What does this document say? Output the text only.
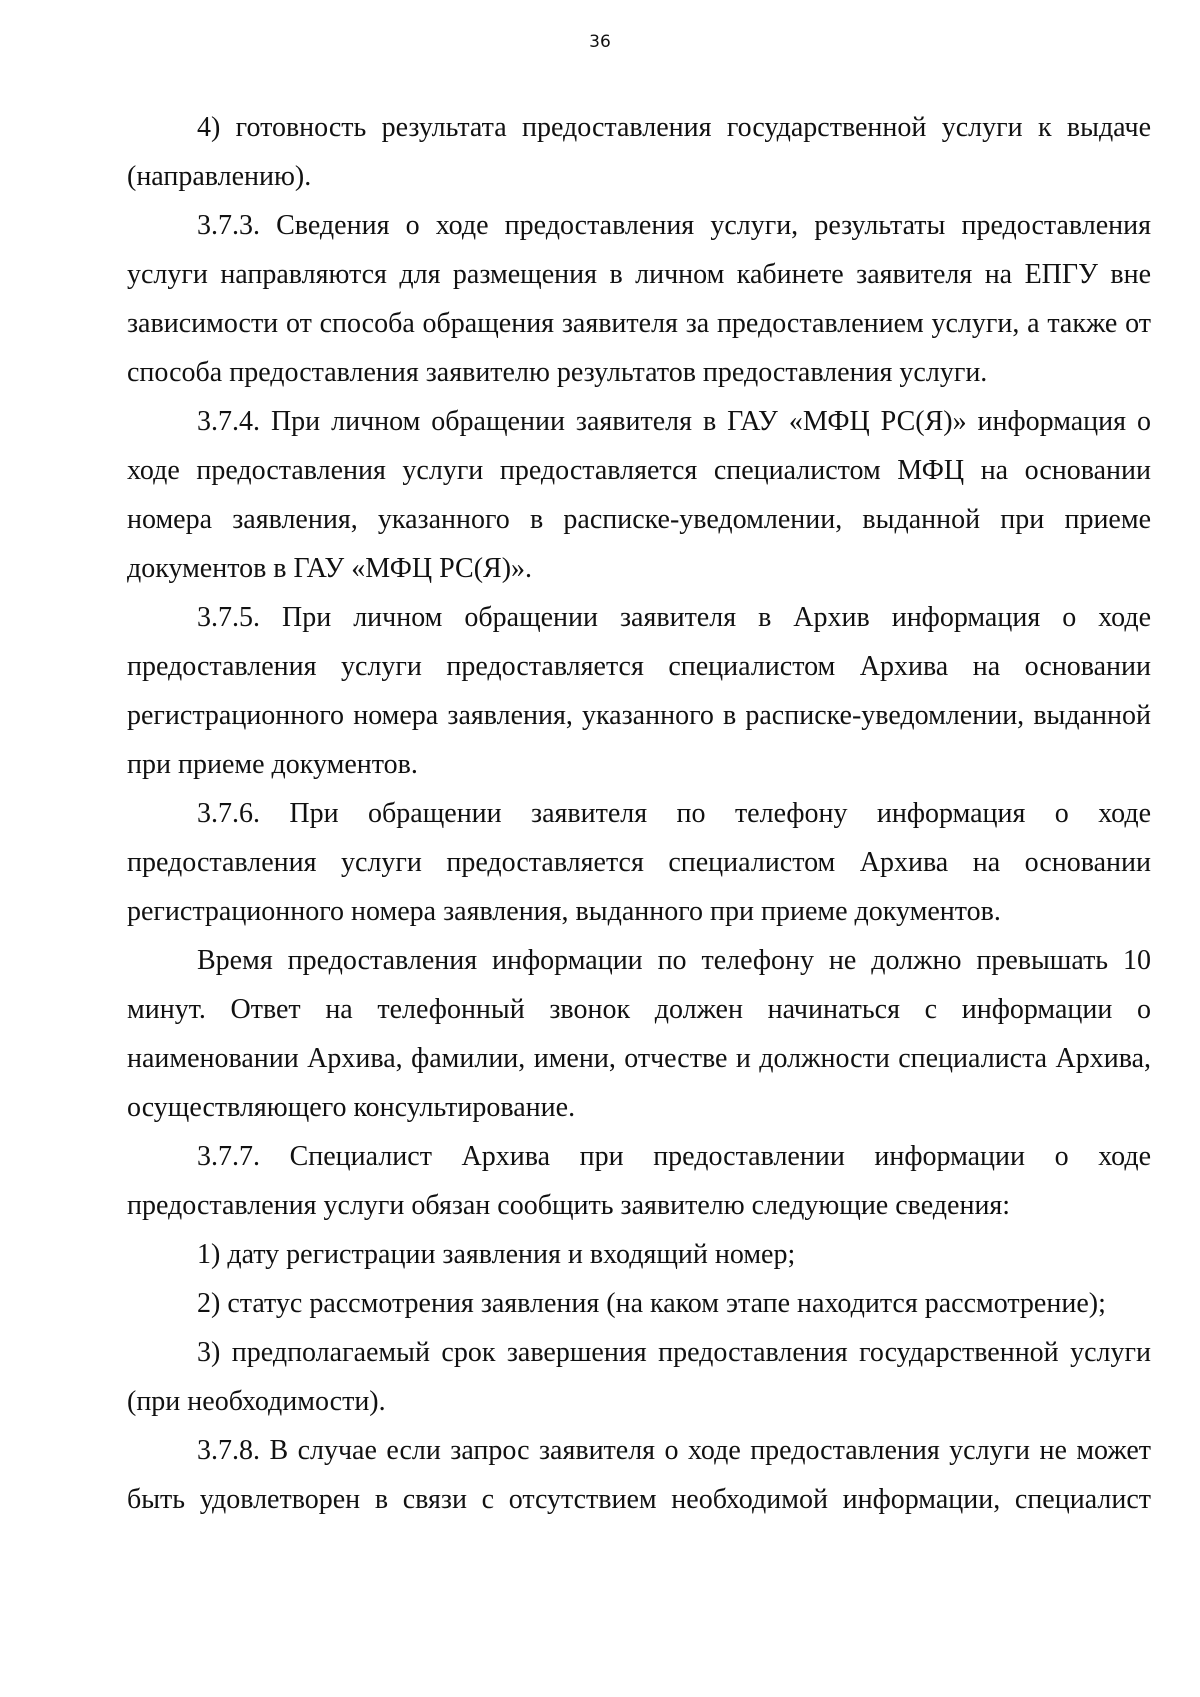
36

4) готовность результата предоставления государственной услуги к выдаче (направлению).

3.7.3. Сведения о ходе предоставления услуги, результаты предоставления услуги направляются для размещения в личном кабинете заявителя на ЕПГУ вне зависимости от способа обращения заявителя за предоставлением услуги, а также от способа предоставления заявителю результатов предоставления услуги.

3.7.4. При личном обращении заявителя в ГАУ «МФЦ РС(Я)» информация о ходе предоставления услуги предоставляется специалистом МФЦ на основании номера заявления, указанного в расписке-уведомлении, выданной при приеме документов в ГАУ «МФЦ РС(Я)».

3.7.5. При личном обращении заявителя в Архив информация о ходе предоставления услуги предоставляется специалистом Архива на основании регистрационного номера заявления, указанного в расписке-уведомлении, выданной при приеме документов.

3.7.6. При обращении заявителя по телефону информация о ходе предоставления услуги предоставляется специалистом Архива на основании регистрационного номера заявления, выданного при приеме документов.

Время предоставления информации по телефону не должно превышать 10 минут. Ответ на телефонный звонок должен начинаться с информации о наименовании Архива, фамилии, имени, отчестве и должности специалиста Архива, осуществляющего консультирование.

3.7.7. Специалист Архива при предоставлении информации о ходе предоставления услуги обязан сообщить заявителю следующие сведения:

1) дату регистрации заявления и входящий номер;

2) статус рассмотрения заявления (на каком этапе находится рассмотрение);

3) предполагаемый срок завершения предоставления государственной услуги (при необходимости).

3.7.8. В случае если запрос заявителя о ходе предоставления услуги не может быть удовлетворен в связи с отсутствием необходимой информации, специалист
